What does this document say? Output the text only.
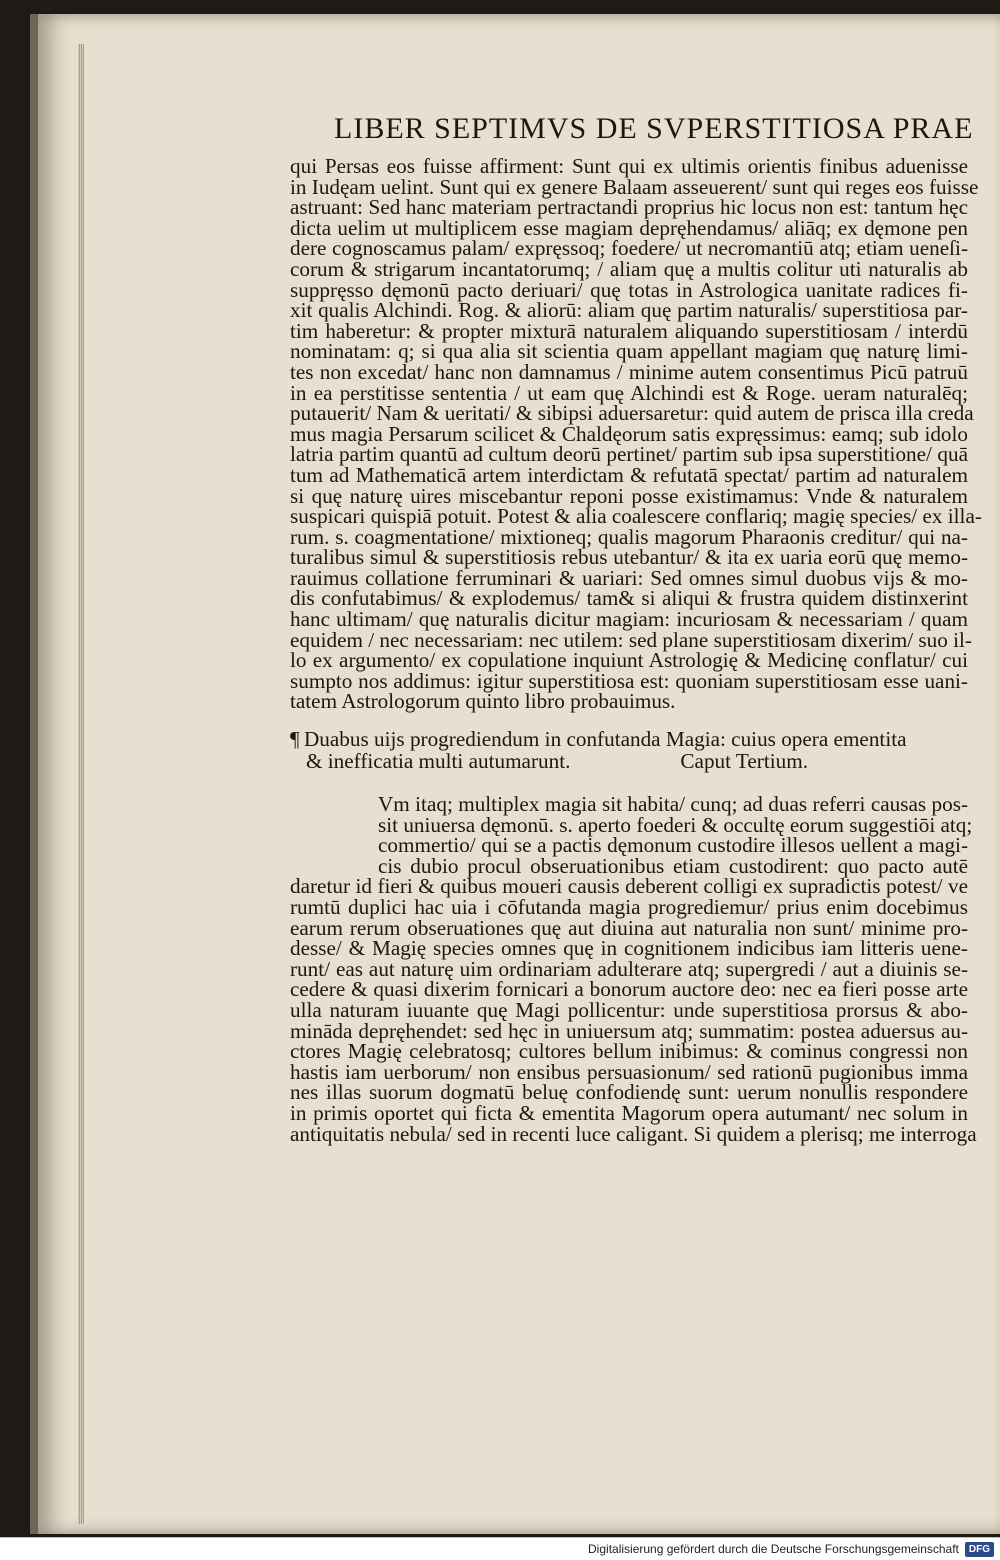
LIBER SEPTIMVS DE SVPERSTITIOSA PRAE
qui Persas eos fuisse affirment: Sunt qui ex ultimis orientis finibus aduenisse
in Iudęam uelint. Sunt qui ex genere Balaam asseuerent/ sunt qui reges eos fuisse
astruant: Sed hanc materiam pertractandi proprius hic locus non est: tantum hęc
dicta uelim ut multiplicem esse magiam depręhendamus/ aliāq; ex dęmone pen
dere cognoscamus palam/ expręssoq; foedere/ ut necromantiū atq; etiam ueneſi-
corum & strigarum incantatorumq; / aliam quę a multis colitur uti naturalis ab
suppręsso dęmonū pacto deriuari/ quę totas in Astrologica uanitate radices fi-
xit qualis Alchindi. Rog. & aliorū: aliam quę partim naturalis/ superstitiosa par-
tim haberetur: & propter mixturā naturalem aliquando superstitiosam / interdū
nominatam: q; si qua alia sit scientia quam appellant magiam quę naturę limi-
tes non excedat/ hanc non damnamus / minime autem consentimus Picū patruū
in ea perstitisse sententia / ut eam quę Alchindi est & Roge. ueram naturalēq;
putauerit/ Nam & ueritati/ & sibipsi aduersaretur: quid autem de prisca illa creda
mus magia Persarum scilicet & Chaldęorum satis expręssimus: eamq; sub idolo
latria partim quantū ad cultum deorū pertinet/ partim sub ipsa superstitione/ quā
tum ad Mathematicā artem interdictam & refutatā spectat/ partim ad naturalem
si quę naturę uires miscebantur reponi posse existimamus: Vnde & naturalem
suspicari quispiā potuit. Potest & alia coalescere conflariq; magię species/ ex illa-
rum. s. coagmentatione/ mixtioneq; qualis magorum Pharaonis creditur/ qui na-
turalibus simul & superstitiosis rebus utebantur/ & ita ex uaria eorū quę memo-
rauimus collatione ferruminari & uariari: Sed omnes simul duobus vijs & mo-
dis confutabimus/ & explodemus/ tam& si aliqui & frustra quidem distinxerint
hanc ultimam/ quę naturalis dicitur magiam: incuriosam & necessariam / quam
equidem / nec necessariam: nec utilem: sed plane superstitiosam dixerim/ suo il-
lo ex argumento/ ex copulatione inquiunt Astrologię & Medicinę conflatur/ cui
sumpto nos addimus: igitur superstitiosa est: quoniam superstitiosam esse uani-
tatem Astrologorum quinto libro probauimus.
¶ Duabus uijs progrediendum in confutanda Magia: cuius opera ementita
& inefficatia multi autumarunt.	Caput Tertium.
Vm itaq; multiplex magia sit habita/ cunq; ad duas referri causas pos-
sit uniuersa dęmonū. s. aperto foederi & occultę eorum suggestiōi atq;
commertio/ qui se a pactis dęmonum custodire illesos uellent a magi-
cis dubio procul obseruationibus etiam custodirent: quo pacto autē
daretur id fieri & quibus moueri causis deberent colligi ex supradictis potest/ ve
rumtū duplici hac uia i cōfutanda magia progrediemur/ prius enim docebimus
earum rerum obseruationes quę aut diuina aut naturalia non sunt/ minime pro-
desse/ & Magię species omnes quę in cognitionem indicibus iam litteris uene-
runt/ eas aut naturę uim ordinariam adulterare atq; supergredi / aut a diuinis se-
cedere & quasi dixerim fornicari a bonorum auctore deo: nec ea fieri posse arte
ulla naturam iuuante quę Magi pollicentur: unde superstitiosa prorsus & abo-
mināda depręhendet: sed hęc in uniuersum atq; summatim: postea aduersus au-
ctores Magię celebratosq; cultores bellum inibimus: & cominus congressi non
hastis iam uerborum/ non ensibus persuasionum/ sed rationū pugionibus imma
nes illas suorum dogmatū beluę confodiendę sunt: uerum nonullis respondere
in primis oportet qui ficta & ementita Magorum opera autumant/ nec solum in
antiquitatis nebula/ sed in recenti luce caligant. Si quidem a plerisq; me interroga
Digitalisierung gefördert durch die Deutsche Forschungsgemeinschaft	DFG
